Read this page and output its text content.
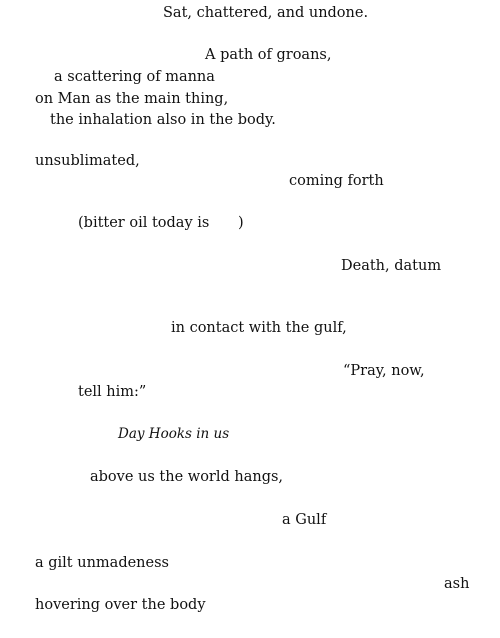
Sat, chattered, and undone.
A path of groans,
a scattering of manna
on Man as the main thing,
the inhalation also in the body.
unsublimated,
coming forth
(bitter oil today is )
Death, datum
in contact with the gulf,
“Pray, now,
tell him:”
Day Hooks in us
above us the world hangs,
a Gulf
a gilt unmadeness
ash
hovering over the body
